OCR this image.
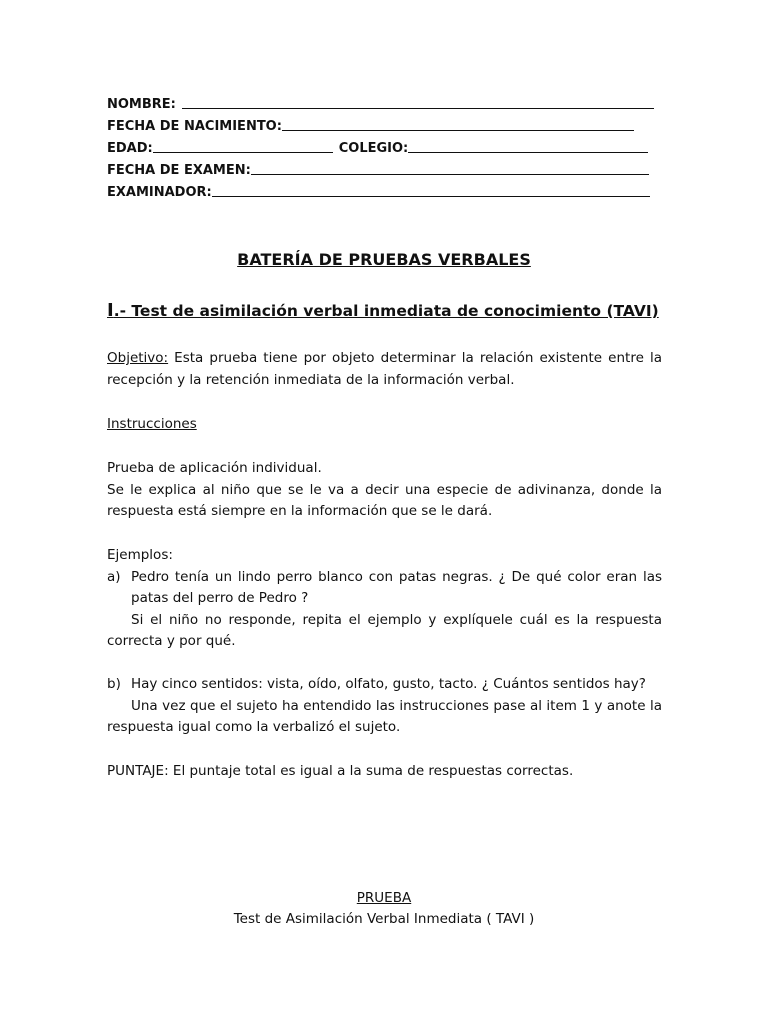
NOMBRE:
FECHA DE NACIMIENTO:
EDAD:	COLEGIO:
FECHA DE EXAMEN:
EXAMINADOR:
BATERÍA DE PRUEBAS VERBALES
I.- Test de asimilación verbal inmediata de conocimiento (TAVI)
Objetivo: Esta prueba tiene por objeto determinar la relación existente entre la recepción y la retención inmediata de la información verbal.
Instrucciones
Prueba de aplicación individual.
Se le explica al niño que se le va a decir una especie de adivinanza, donde la respuesta está siempre en la información que se le dará.
Ejemplos:
a) Pedro tenía un lindo perro blanco con patas negras. ¿ De qué color eran las patas del perro de Pedro ?
Si el niño no responde, repita el ejemplo y explíquele cuál es la respuesta correcta y por qué.
b) Hay cinco sentidos: vista, oído, olfato, gusto, tacto. ¿ Cuántos sentidos hay?
Una vez que el sujeto ha entendido las instrucciones pase al item 1 y anote la respuesta igual como la verbalizó el sujeto.
PUNTAJE: El puntaje total es igual a la suma de respuestas correctas.
PRUEBA
Test de Asimilación Verbal Inmediata ( TAVI )
